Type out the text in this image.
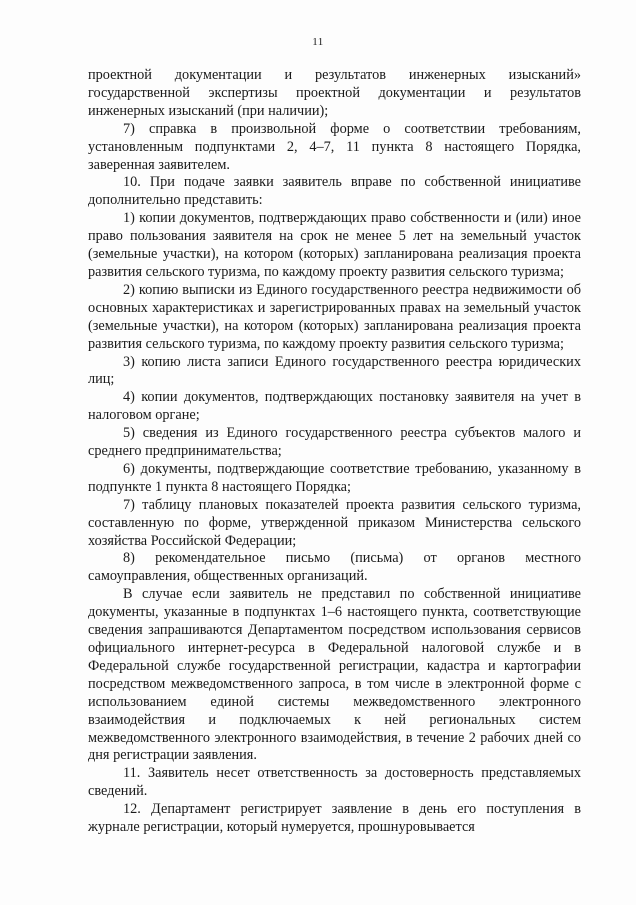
11

проектной документации и результатов инженерных изысканий» государственной экспертизы проектной документации и результатов инженерных изысканий (при наличии);

7) справка в произвольной форме о соответствии требованиям, установленным подпунктами 2, 4–7, 11 пункта 8 настоящего Порядка, заверенная заявителем.

10. При подаче заявки заявитель вправе по собственной инициативе дополнительно представить:

1) копии документов, подтверждающих право собственности и (или) иное право пользования заявителя на срок не менее 5 лет на земельный участок (земельные участки), на котором (которых) запланирована реализация проекта развития сельского туризма, по каждому проекту развития сельского туризма;

2) копию выписки из Единого государственного реестра недвижимости об основных характеристиках и зарегистрированных правах на земельный участок (земельные участки), на котором (которых) запланирована реализация проекта развития сельского туризма, по каждому проекту развития сельского туризма;

3) копию листа записи Единого государственного реестра юридических лиц;

4) копии документов, подтверждающих постановку заявителя на учет в налоговом органе;

5) сведения из Единого государственного реестра субъектов малого и среднего предпринимательства;

6) документы, подтверждающие соответствие требованию, указанному в подпункте 1 пункта 8 настоящего Порядка;

7) таблицу плановых показателей проекта развития сельского туризма, составленную по форме, утвержденной приказом Министерства сельского хозяйства Российской Федерации;

8) рекомендательное письмо (письма) от органов местного самоуправления, общественных организаций.

В случае если заявитель не представил по собственной инициативе документы, указанные в подпунктах 1–6 настоящего пункта, соответствующие сведения запрашиваются Департаментом посредством использования сервисов официального интернет-ресурса в Федеральной налоговой службе и в Федеральной службе государственной регистрации, кадастра и картографии посредством межведомственного запроса, в том числе в электронной форме с использованием единой системы межведомственного электронного взаимодействия и подключаемых к ней региональных систем межведомственного электронного взаимодействия, в течение 2 рабочих дней со дня регистрации заявления.

11. Заявитель несет ответственность за достоверность представляемых сведений.

12. Департамент регистрирует заявление в день его поступления в журнале регистрации, который нумеруется, прошнуровывается
